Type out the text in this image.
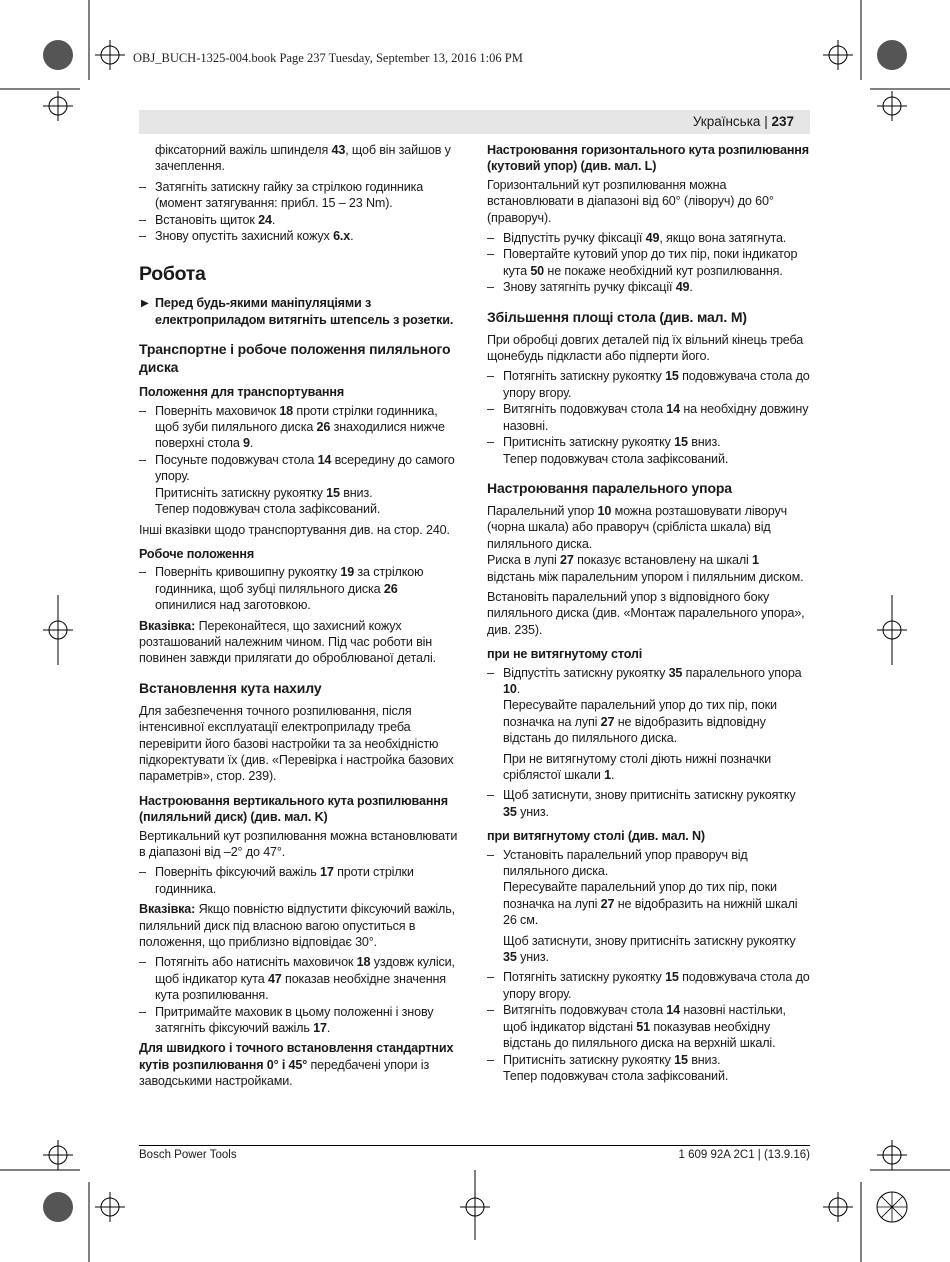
OBJ_BUCH-1325-004.book Page 237 Tuesday, September 13, 2016 1:06 PM
Українська | 237
фіксаторний важіль шпинделя 43, щоб він зайшов у зачеплення.
– Затягніть затискну гайку за стрілкою годинника (момент затягування: прибл. 15 – 23 Nm).
– Встановіть щиток 24.
– Знову опустіть захисний кожух 6.x.
Робота
▶ Перед будь-якими маніпуляціями з електроприладом витягніть штепсель з розетки.
Транспортне і робоче положення пиляльного диска
Положення для транспортування
– Поверніть маховичок 18 проти стрілки годинника, щоб зуби пиляльного диска 26 знаходилися нижче поверхні стола 9.
– Посуньте подовжувач стола 14 всередину до самого упору.
Притисніть затискну рукоятку 15 вниз.
Тепер подовжувач стола зафіксований.
Інші вказівки щодо транспортування див. на стор. 240.
Робоче положення
– Поверніть кривошипну рукоятку 19 за стрілкою годинника, щоб зубці пиляльного диска 26 опинилися над заготовкою.
Вказівка: Переконайтеся, що захисний кожух розташований належним чином. Під час роботи він повинен завжди прилягати до оброблюваної деталі.
Встановлення кута нахилу
Для забезпечення точного розпилювання, після інтенсивної експлуатації електроприладу треба перевірити його базові настройки та за необхідністю підкоректувати їх (див. «Перевірка і настройка базових параметрів», стор. 239).
Настроювання вертикального кута розпилювання (пиляльний диск) (див. мал. K)
Вертикальний кут розпилювання можна встановлювати в діапазоні від –2° до 47°.
– Поверніть фіксуючий важіль 17 проти стрілки годинника.
Вказівка: Якщо повністю відпустити фіксуючий важіль, пиляльний диск під власною вагою опуститься в положення, що приблизно відповідає 30°.
– Потягніть або натисніть маховичок 18 уздовж куліси, щоб індикатор кута 47 показав необхідне значення кута розпилювання.
– Притримайте маховик в цьому положенні і знову затягніть фіксуючий важіль 17.
Для швидкого і точного встановлення стандартних кутів розпилювання 0° і 45° передбачені упори із заводськими настройками.
Настроювання горизонтального кута розпилювання (кутовий упор) (див. мал. L)
Горизонтальний кут розпилювання можна встановлювати в діапазоні від 60° (ліворуч) до 60° (праворуч).
– Відпустіть ручку фіксації 49, якщо вона затягнута.
– Повертайте кутовий упор до тих пір, поки індикатор кута 50 не покаже необхідний кут розпилювання.
– Знову затягніть ручку фіксації 49.
Збільшення площі стола (див. мал. M)
При обробці довгих деталей під їх вільний кінець треба щонебудь підкласти або підперти його.
– Потягніть затискну рукоятку 15 подовжувача стола до упору вгору.
– Витягніть подовжувач стола 14 на необхідну довжину назовні.
– Притисніть затискну рукоятку 15 вниз.
Тепер подовжувач стола зафіксований.
Настроювання паралельного упора
Паралельний упор 10 можна розташовувати ліворуч (чорна шкала) або праворуч (сріблiста шкала) від пиляльного диска.
Риска в лупі 27 показує встановлену на шкалі 1 відстань між паралельним упором і пиляльним диском.
Встановіть паралельний упор з відповідного боку пиляльного диска (див. «Монтаж паралельного упора», див. 235).
при не витягнутому столі
– Відпустіть затискну рукоятку 35 паралельного упора 10.
Пересувайте паралельний упор до тих пір, поки позначка на лупі 27 не відобразить відповідну відстань до пиляльного диска.
При не витягнутому столі діють нижні позначки сріблястої шкали 1.
– Щоб затиснути, знову притисніть затискну рукоятку 35 униз.
при витягнутому столі (див. мал. N)
– Установіть паралельний упор праворуч від пиляльного диска.
Пересувайте паралельний упор до тих пір, поки позначка на лупі 27 не відобразить на нижній шкалі 26 см.
Щоб затиснути, знову притисніть затискну рукоятку 35 униз.
– Потягніть затискну рукоятку 15 подовжувача стола до упору вгору.
– Витягніть подовжувач стола 14 назовні настільки, щоб індикатор відстані 51 показував необхідну відстань до пиляльного диска на верхній шкалі.
– Притисніть затискну рукоятку 15 вниз.
Тепер подовжувач стола зафіксований.
Bosch Power Tools	1 609 92A 2C1 | (13.9.16)
